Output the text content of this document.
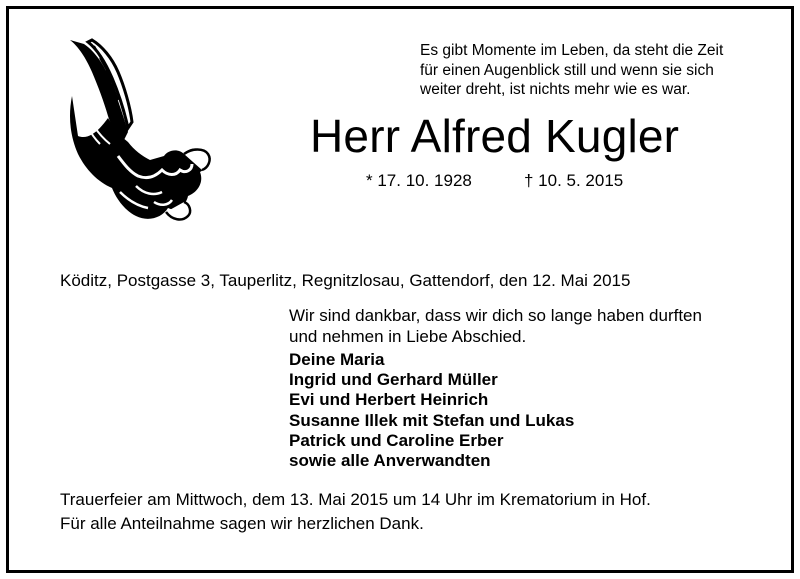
Es gibt Momente im Leben, da steht die Zeit
für einen Augenblick still und wenn sie sich
weiter dreht, ist nichts mehr wie es war.
Herr Alfred Kugler
* 17. 10. 1928	† 10. 5. 2015
Köditz, Postgasse 3, Tauperlitz, Regnitzlosau, Gattendorf, den 12. Mai 2015
Wir sind dankbar, dass wir dich so lange haben durften
und nehmen in Liebe Abschied.
Deine Maria
Ingrid und Gerhard Müller
Evi und Herbert Heinrich
Susanne Illek mit Stefan und Lukas
Patrick und Caroline Erber
sowie alle Anverwandten
Trauerfeier am Mittwoch, dem 13. Mai 2015 um 14 Uhr im Krematorium in Hof.
Für alle Anteilnahme sagen wir herzlichen Dank.
